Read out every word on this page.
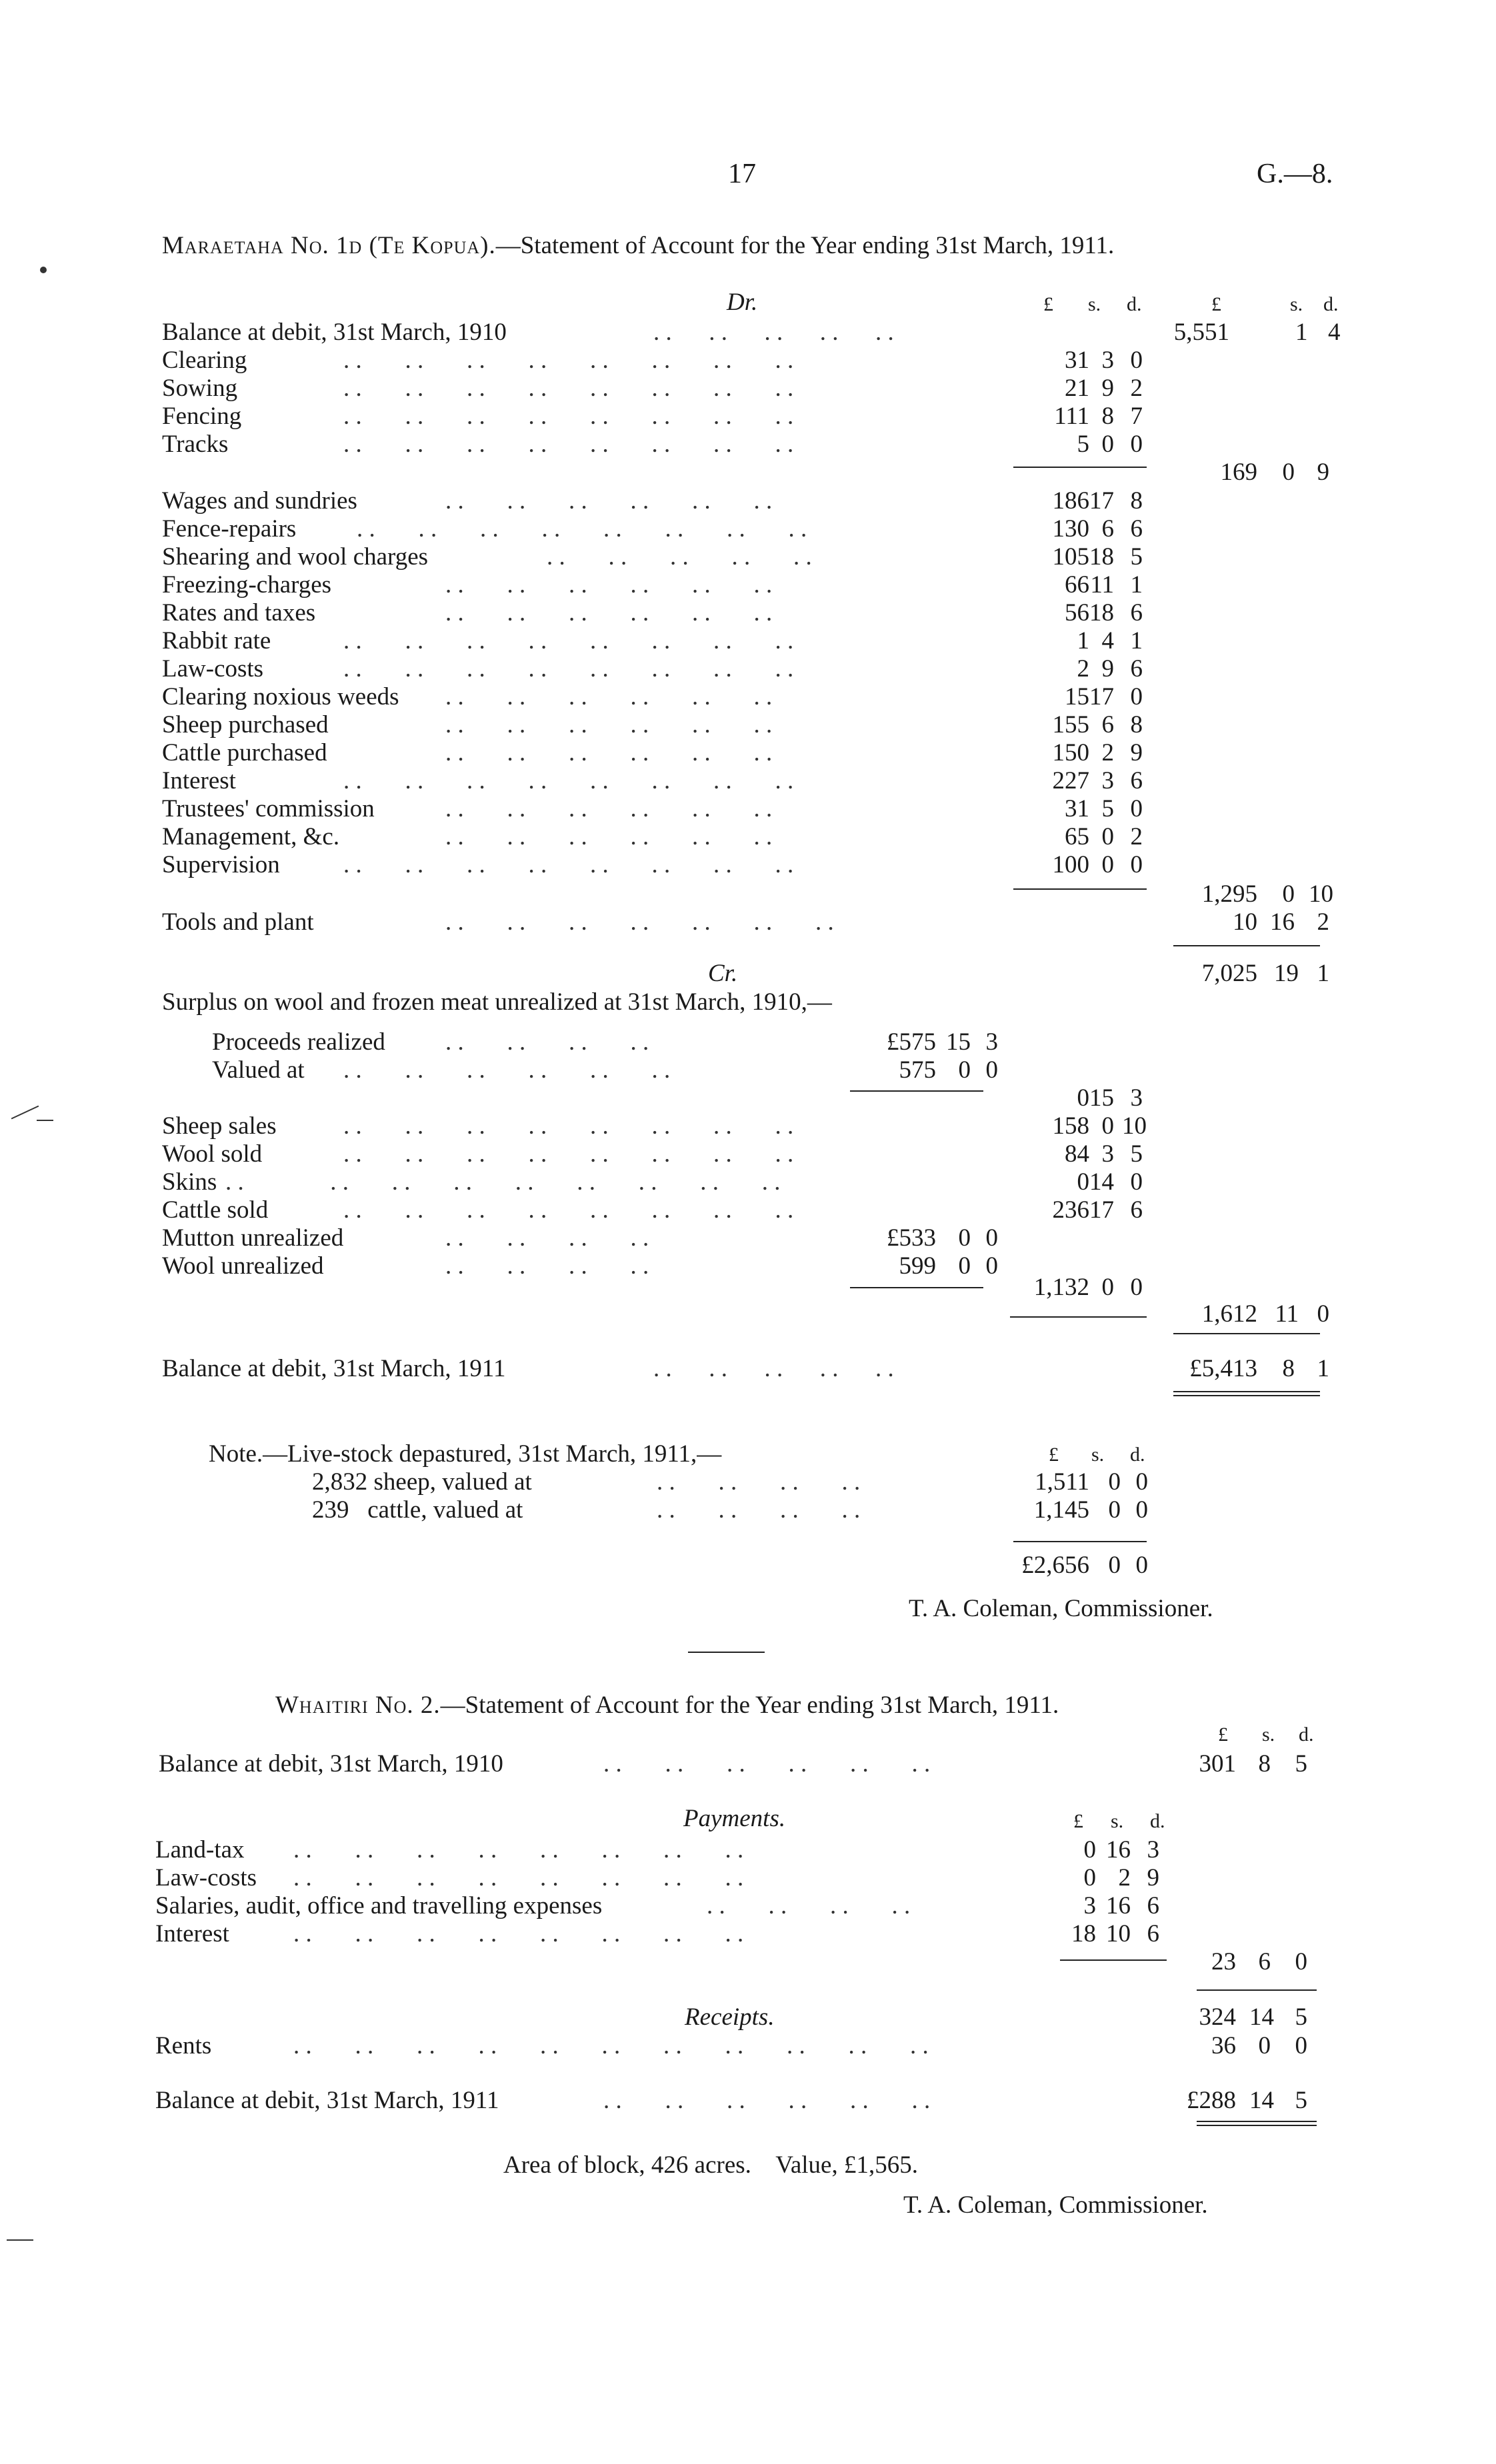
17	G.—8.
Maraetaha No. 1d (Te Kopua).—Statement of Account for the Year ending 31st March, 1911.
Dr.	£ s. d.	£	s. d.
Balance at debit, 31st March, 1910	. .      . .      . .      . .      . .	5,551	1 4
Clearing	. .       . .       . .       . .       . .       . .       . .       . .	31 3 0
Sowing	. .       . .       . .       . .       . .       . .       . .       . .	21 9 2
Fencing	. .       . .       . .       . .       . .       . .       . .       . .	111 8 7
Tracks	. .       . .       . .       . .       . .       . .       . .       . .	5 0 0
169 0 9
Wages and sundries	. .       . .       . .       . .       . .       . .	186 17 8
Fence-repairs . .       . .       . .       . .       . .       . .       . .       . .	130 6 6
Shearing and wool charges	. .       . .       . .       . .       . .	105 18 5
Freezing-charges	. .       . .       . .       . .       . .       . .	66 11 1
Rates and taxes	. .       . .       . .       . .       . .       . .	56 18 6
Rabbit rate	. .       . .       . .       . .       . .       . .       . .       . .	1 4 1
Law-costs	. .       . .       . .       . .       . .       . .       . .       . .	2 9 6
Clearing noxious weeds . .       . .       . .       . .       . .       . .	15 17 0
Sheep purchased	. .       . .       . .       . .       . .       . .	155 6 8
Cattle purchased	. .       . .       . .       . .       . .       . .	150 2 9
Interest	. .       . .       . .       . .       . .       . .       . .       . .	227 3 6
Trustees' commission	. .       . .       . .       . .       . .       . .	31 5 0
Management, &c.	. .       . .       . .       . .       . .       . .	65 0 2
Supervision	. .       . .       . .       . .       . .       . .       . .       . .	100 0 0
1,295 0 10
Tools and plant	. .       . .       . .       . .       . .       . .       . .	10 16 2
Cr.	7,025 19 1
Surplus on wool and frozen meat unrealized at 31st March, 1910,—
Proceeds realized . .       . .       . .       . .	£575 15 3
Valued at . .       . .       . .       . .       . .       . .	575 0 0
0 15 3
Sheep sales	. .       . .       . .       . .       . .       . .       . .       . .	158 0 10
Wool sold	. .       . .       . .       . .       . .       . .       . .       . .	84 3 5
Skins . .              . .       . .       . .       . .       . .       . .       . .       . .	0 14 0
Cattle sold	. .       . .       . .       . .       . .       . .       . .       . .	236 17 6
Mutton unrealized	. .       . .       . .       . .	£533 0 0
Wool unrealized	. .       . .       . .       . .	599 0 0
1,132 0 0
1,612 11 0
Balance at debit, 31st March, 1911	. .      . .      . .      . .      . .	£5,413 8 1
Note.—Live-stock depastured, 31st March, 1911,—	£ s. d.
2,832 sheep, valued at	. .       . .       . .       . .	1,511 0 0
239   cattle, valued at	. .       . .       . .       . .	1,145 0 0
£2,656 0 0
T. A. Coleman, Commissioner.
Whaitiri No. 2.—Statement of Account for the Year ending 31st March, 1911.
£ s. d.
Balance at debit, 31st March, 1910	. .       . .       . .       . .       . .       . .	301 8 5
Payments.	£ s. d.
Land-tax . .       . .       . .       . .       . .       . .       . .       . .	0 16 3
Law-costs . .       . .       . .       . .       . .       . .       . .       . .	0 2 9
Salaries, audit, office and travelling expenses	. .       . .       . .       . .	3 16 6
Interest	. .       . .       . .       . .       . .       . .       . .       . .	18 10 6
23 6 0
Receipts.	324 14 5
Rents	. .       . .       . .       . .       . .       . .       . .       . .       . .       . .       . .	36 0 0
Balance at debit, 31st March, 1911	. .       . .       . .       . .       . .       . .	£288 14 5
Area of block, 426 acres.    Value, £1,565.
T. A. Coleman, Commissioner.
